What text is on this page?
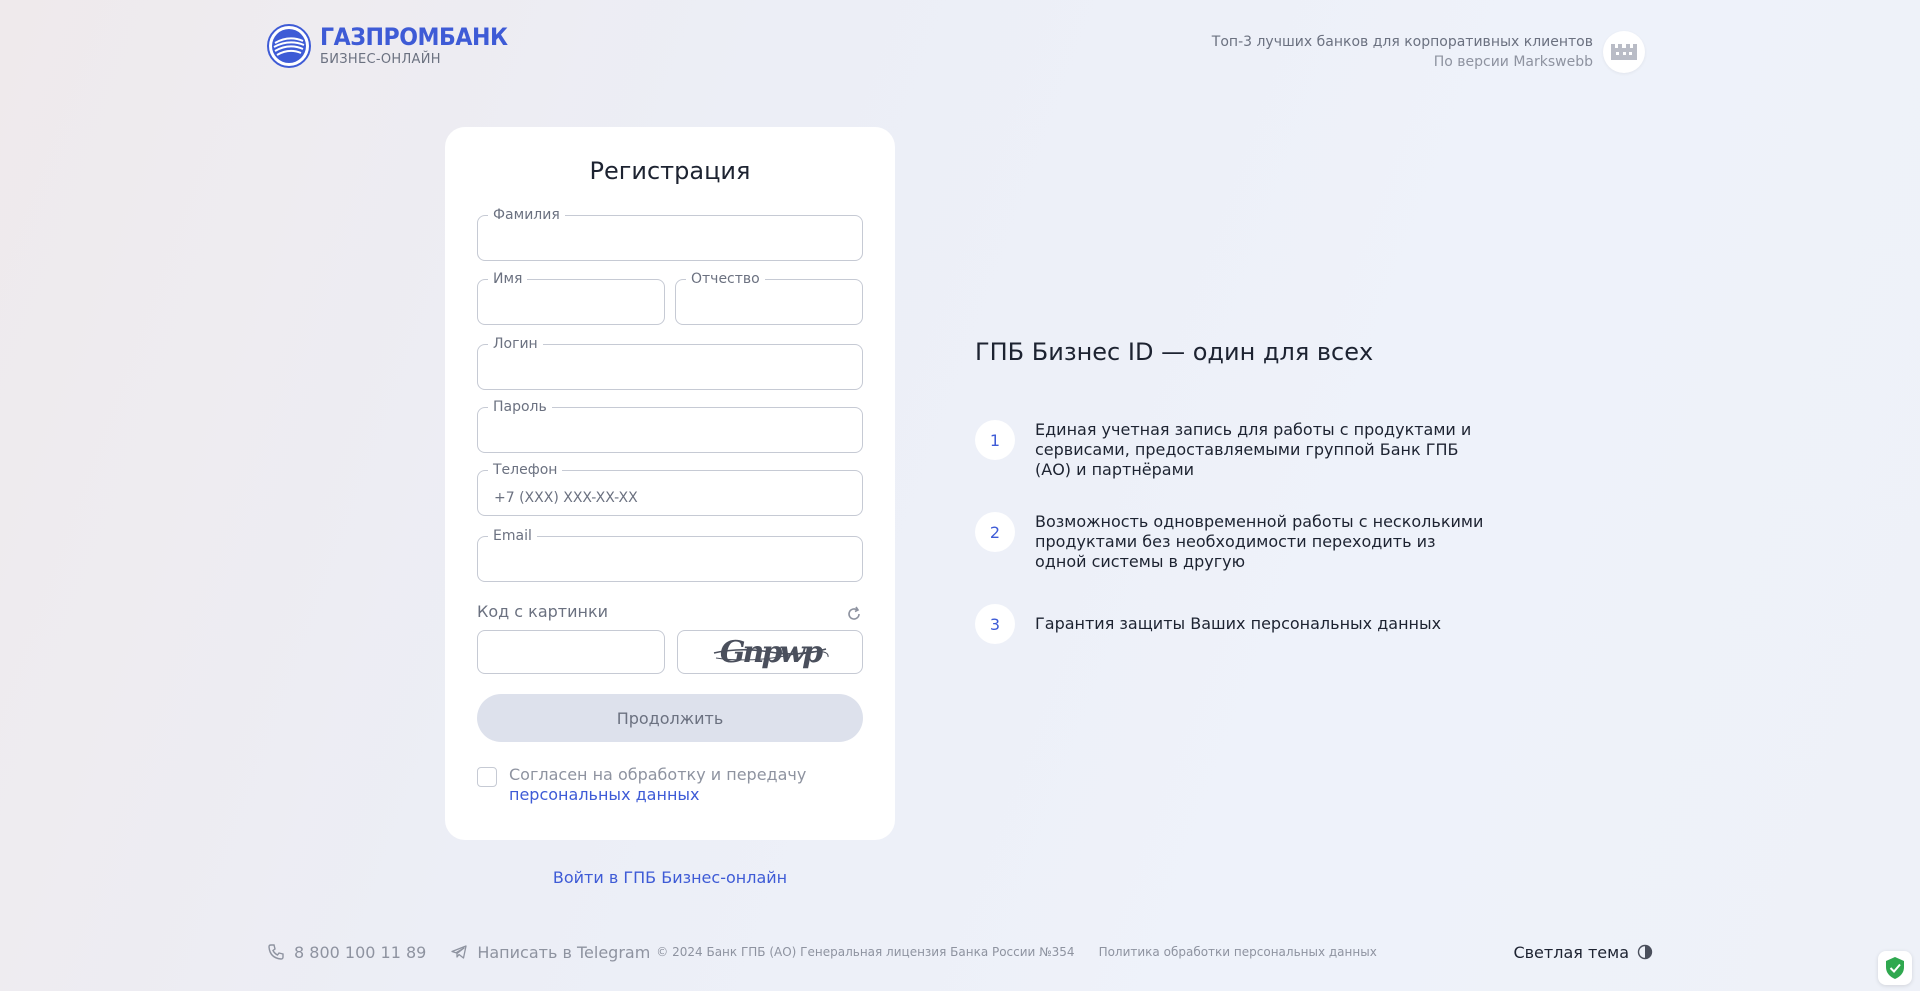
ГАЗПРОМБАНК
БИЗНЕС-ОНЛАЙН
Топ-3 лучших банков для корпоративных клиентов
По версии Markswebb
Регистрация
Фамилия
Имя	Отчество
Логин
Пароль
Телефон
+7 (XXX) XXX-XX-XX
Email
Код с картинки
Gnpwp
Продолжить
Согласен на обработку и передачу
персональных данных
Войти в ГПБ Бизнес-онлайн
ГПБ Бизнес ID — один для всех
1
Единая учетная запись для работы с продуктами и сервисами, предоставляемыми группой Банк ГПБ (АО) и партнёрами
2
Возможность одновременной работы с несколькими продуктами без необходимости переходить из одной системы в другую
3	Гарантия защиты Ваших персональных данных
8 800 100 11 89	Написать в Telegram © 2024 Банк ГПБ (АО) Генеральная лицензия Банка России №354 Политика обработки персональных данных	Светлая тема
